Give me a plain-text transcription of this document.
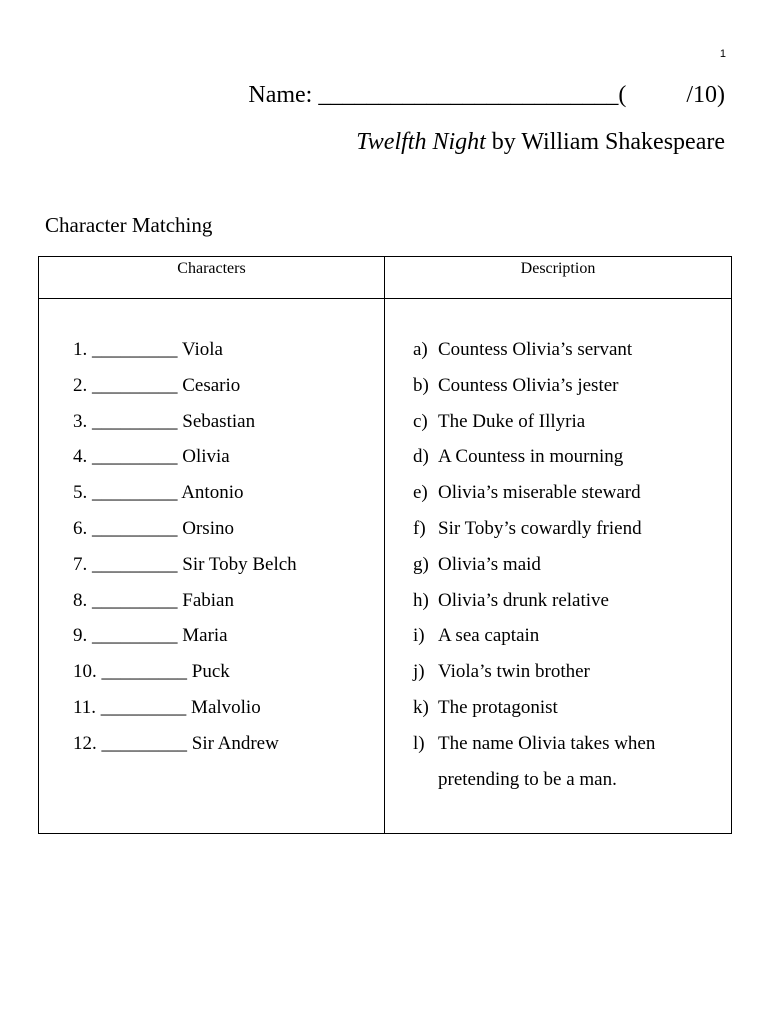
1
Name: _________________________(	/10)
Twelfth Night by William Shakespeare
Character Matching
Characters	Description
1. _________ Viola
2. _________ Cesario
3. _________ Sebastian
4. _________ Olivia
5. _________ Antonio
6. _________ Orsino
7. _________ Sir Toby Belch
8. _________ Fabian
9. _________ Maria
10. _________ Puck
11. _________ Malvolio
12. _________ Sir Andrew
a) Countess Olivia’s servant
b) Countess Olivia’s jester
c) The Duke of Illyria
d) A Countess in mourning
e) Olivia’s miserable steward
f) Sir Toby’s cowardly friend
g) Olivia’s maid
h) Olivia’s drunk relative
i) A sea captain
j) Viola’s twin brother
k) The protagonist
l) The name Olivia takes when pretending to be a man.
